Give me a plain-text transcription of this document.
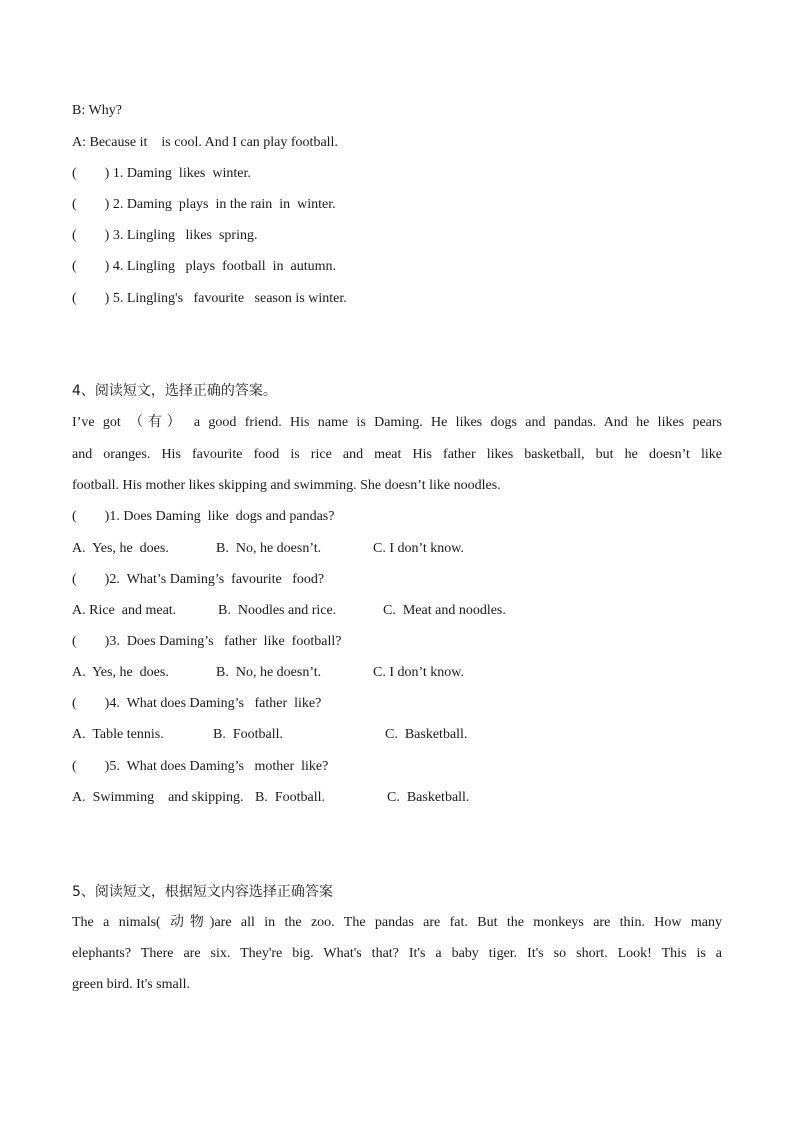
B: Why?
A: Because it    is cool. And I can play football.
(        ) 1. Daming  likes  winter.
(        ) 2. Daming  plays  in the rain  in  winter.
(        ) 3. Lingling   likes  spring.
(        ) 4. Lingling   plays  football  in  autumn.
(        ) 5. Lingling's   favourite   season is winter.
4、阅读短文，选择正确的答案。
I’ve got （有） a good friend. His name is Daming. He likes dogs and pandas. And he likes pears
and oranges. His favourite food is rice and meat His father likes basketball, but he doesn’t like
football. His mother likes skipping and swimming. She doesn’t like noodles.
(        )1. Does Daming  like  dogs and pandas?
A.  Yes, he  does.	B.  No, he doesn’t.	C. I don’t know.
(        )2.  What’s Daming’s  favourite   food?
A. Rice  and meat.	B.  Noodles and rice.	C.  Meat and noodles.
(        )3.  Does Daming’s   father  like  football?
A.  Yes, he  does.	B.  No, he doesn’t.	C. I don’t know.
(        )4.  What does Daming’s   father  like?
A.  Table tennis.	B.  Football.	C.  Basketball.
(        )5.  What does Daming’s   mother  like?
A.  Swimming    and skipping. B.  Football.	C.  Basketball.
5、阅读短文，根据短文内容选择正确答案
The a nimals( 动物)are all in the zoo. The pandas are fat. But the monkeys are thin. How many
elephants? There are six. They're big. What's that? It's a baby tiger. It's so short. Look! This is a
green bird. It's small.
